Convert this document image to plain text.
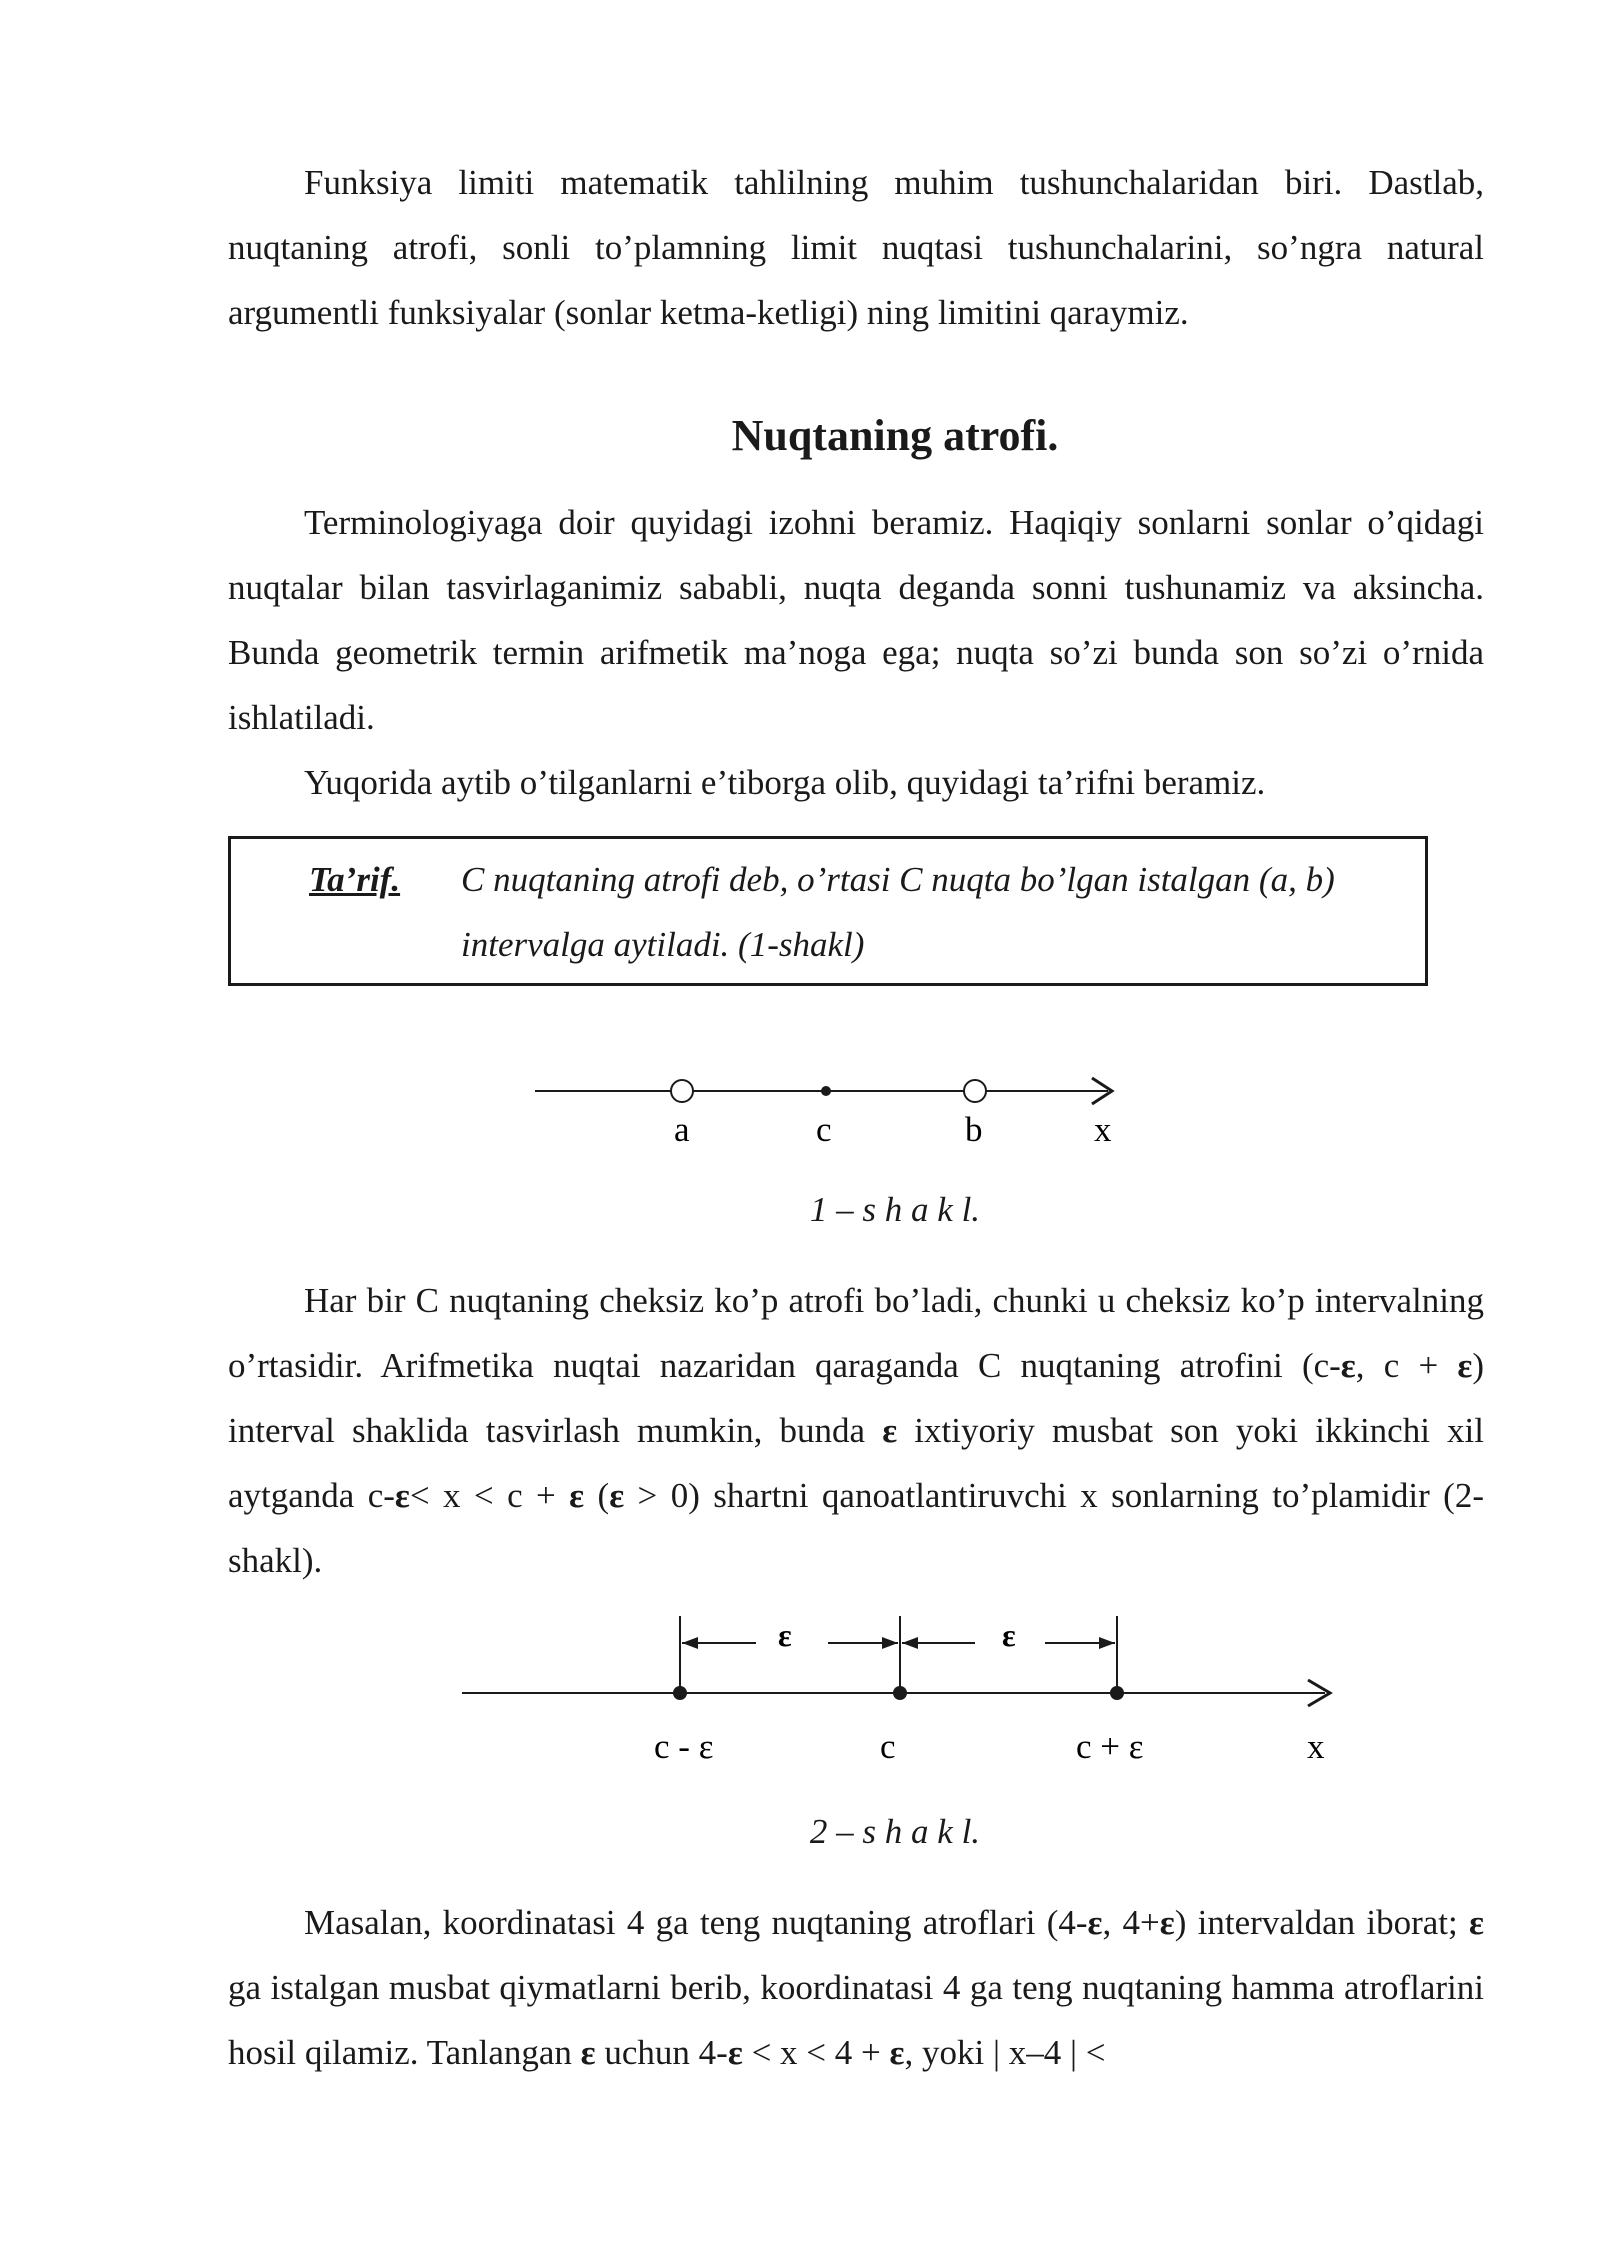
Funksiya limiti matematik tahlilning muhim tushunchalaridan biri. Dastlab, nuqtaning atrofi, sonli to’plamning limit nuqtasi tushunchalarini, so’ngra natural argumentli funksiyalar (sonlar ketma-ketligi) ning limitini qaraymiz.

Nuqtaning atrofi.

Terminologiyaga doir quyidagi izohni beramiz. Haqiqiy sonlarni sonlar o’qidagi nuqtalar bilan tasvirlaganimiz sababli, nuqta deganda sonni tushunamiz va aksincha. Bunda geometrik termin arifmetik ma’noga ega; nuqta so’zi bunda son so’zi o’rnida ishlatiladi.

Yuqorida aytib o’tilganlarni e’tiborga olib, quyidagi ta’rifni beramiz.

Ta’rif. C nuqtaning atrofi deb, o’rtasi C nuqta bo’lgan istalgan (a, b) intervalga aytiladi. (1-shakl)

a	c	b	x

1 – s h a k l.

Har bir C nuqtaning cheksiz ko’p atrofi bo’ladi, chunki u cheksiz ko’p intervalning o’rtasidir. Arifmetika nuqtai nazaridan qaraganda C nuqtaning atrofini (c-ε, c + ε) interval shaklida tasvirlash mumkin, bunda ε ixtiyoriy musbat son yoki ikkinchi xil aytganda c-ε< x < c + ε (ε > 0) shartni qanoatlantiruvchi x sonlarning to’plamidir (2-shakl).

ε	ε
c - ε	c	c + ε	x

2 – s h a k l.

Masalan, koordinatasi 4 ga teng nuqtaning atroflari (4-ε, 4+ε) intervaldan iborat; ε ga istalgan musbat qiymatlarni berib, koordinatasi 4 ga teng nuqtaning hamma atroflarini hosil qilamiz. Tanlangan ε uchun 4-ε < x < 4 + ε, yoki | x–4 | <
